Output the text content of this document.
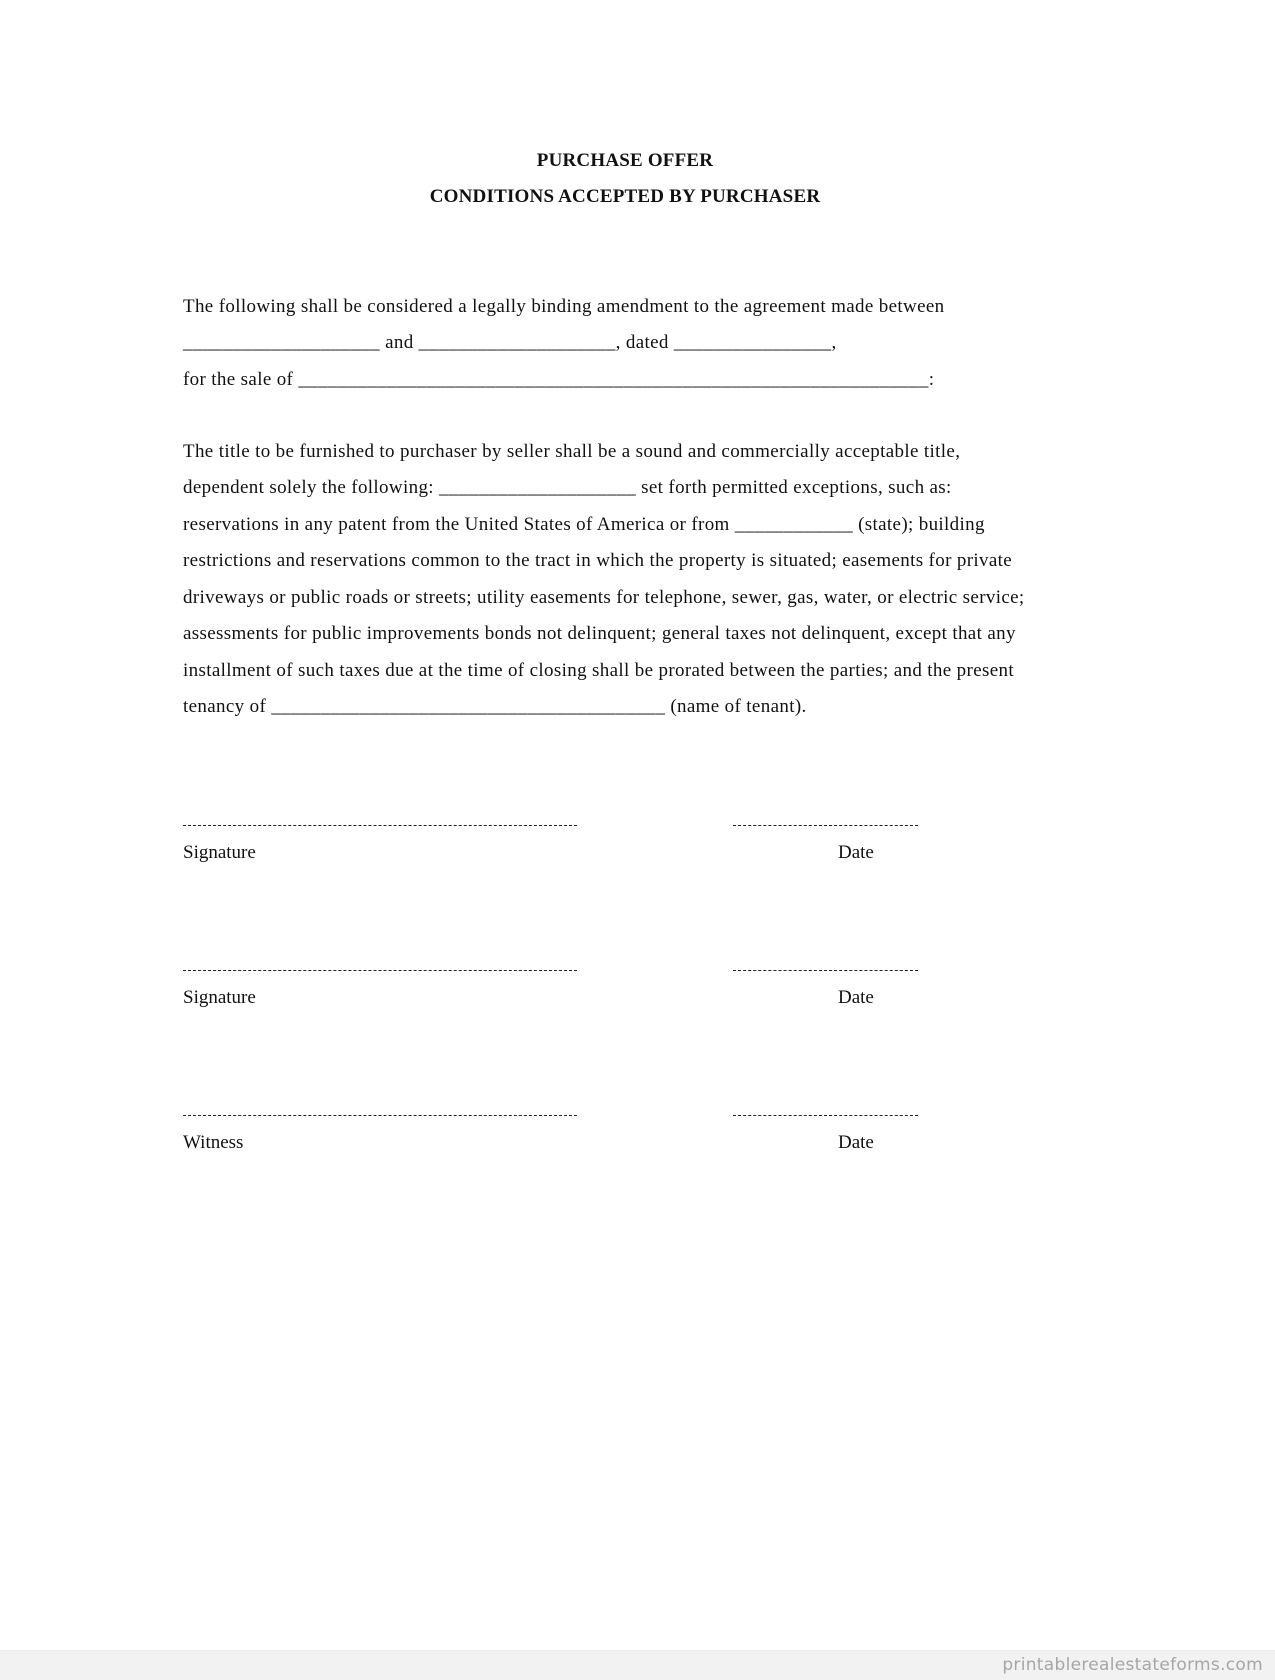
PURCHASE OFFER
CONDITIONS ACCEPTED BY PURCHASER
The following shall be considered a legally binding amendment to the agreement made between
____________________ and ____________________, dated ________________,
for the sale of ________________________________________________________________:
The title to be furnished to purchaser by seller shall be a sound and commercially acceptable title,
dependent solely the following: ____________________ set forth permitted exceptions, such as:
reservations in any patent from the United States of America or from ____________ (state); building
restrictions and reservations common to the tract in which the property is situated; easements for private
driveways or public roads or streets; utility easements for telephone, sewer, gas, water, or electric service;
assessments for public improvements bonds not delinquent; general taxes not delinquent, except that any
installment of such taxes due at the time of closing shall be prorated between the parties; and the present
tenancy of ________________________________________ (name of tenant).
Signature	Date
Signature	Date
Witness	Date
printablerealestateforms.com
